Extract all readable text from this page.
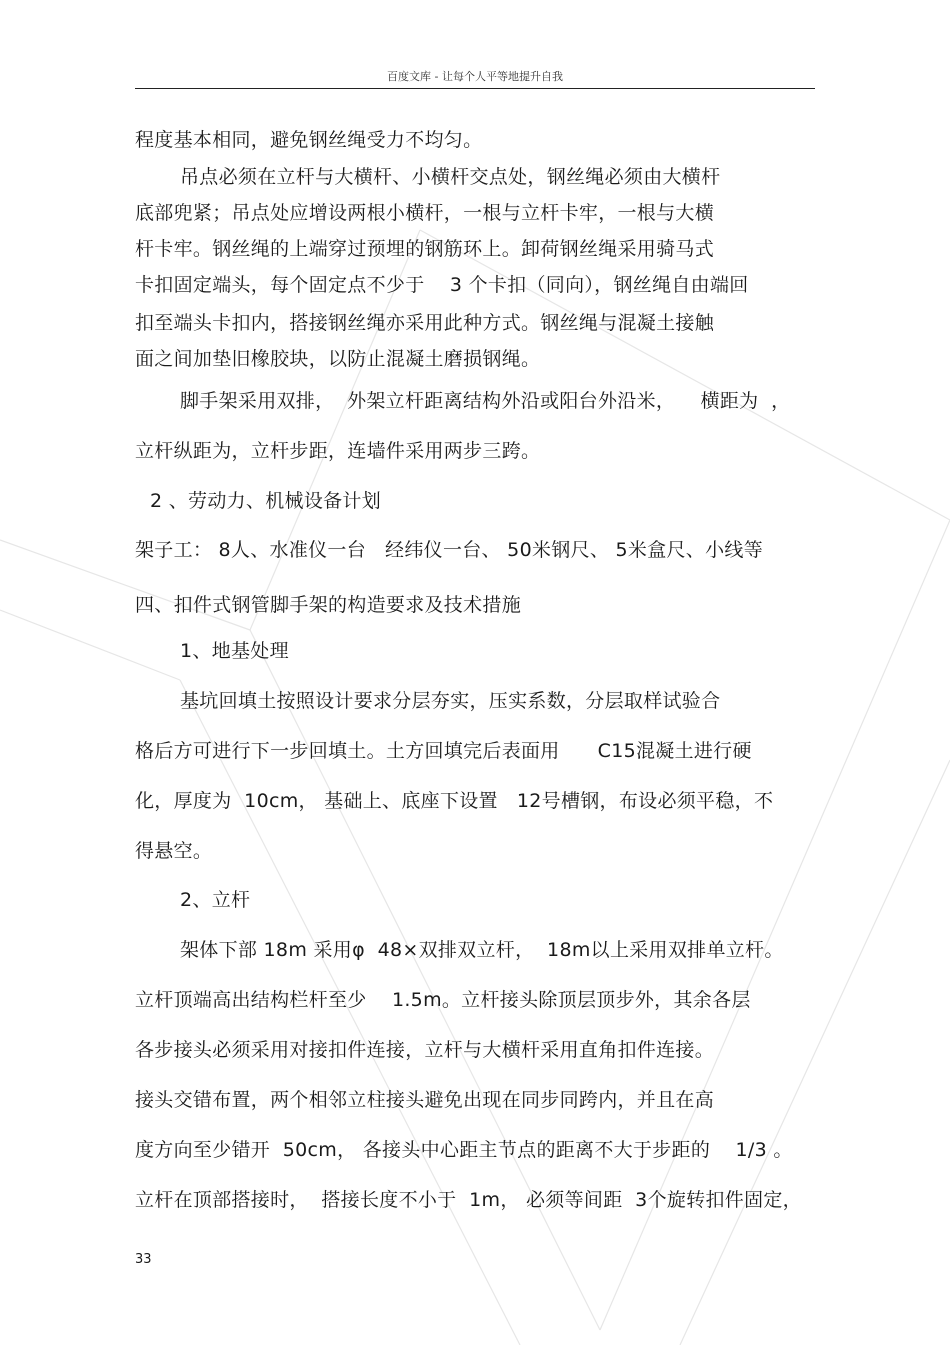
百度文库 - 让每个人平等地提升自我
程度基本相同，避免钢丝绳受力不均匀。
吊点必须在立杆与大横杆、小横杆交点处，钢丝绳必须由大横杆
底部兜紧；吊点处应增设两根小横杆，一根与立杆卡牢，一根与大横
杆卡牢。钢丝绳的上端穿过预埋的钢筋环上。卸荷钢丝绳采用骑马式
卡扣固定端头，每个固定点不少于    3 个卡扣（同向），钢丝绳自由端回
扣至端头卡扣内，搭接钢丝绳亦采用此种方式。钢丝绳与混凝土接触
面之间加垫旧橡胶块，以防止混凝土磨损钢绳。
脚手架采用双排，  外架立杆距离结构外沿或阳台外沿米，    横距为  ，
立杆纵距为，立杆步距，连墙件采用两步三跨。
2 、劳动力、机械设备计划
架子工： 8人、水准仪一台   经纬仪一台、 50米钢尺、 5米盒尺、小线等
四、扣件式钢管脚手架的构造要求及技术措施
1、地基处理
基坑回填土按照设计要求分层夯实，压实系数，分层取样试验合
格后方可进行下一步回填土。土方回填完后表面用      C15混凝土进行硬
化，厚度为  10cm， 基础上、底座下设置   12号槽钢，布设必须平稳，不
得悬空。
2、立杆
架体下部 18m 采用φ  48×双排双立杆，  18m以上采用双排单立杆。
立杆顶端高出结构栏杆至少    1.5m。立杆接头除顶层顶步外，其余各层
各步接头必须采用对接扣件连接，立杆与大横杆采用直角扣件连接。
接头交错布置，两个相邻立柱接头避免出现在同步同跨内，并且在高
度方向至少错开  50cm， 各接头中心距主节点的距离不大于步距的    1/3 。
立杆在顶部搭接时，  搭接长度不小于  1m， 必须等间距  3个旋转扣件固定，
33
